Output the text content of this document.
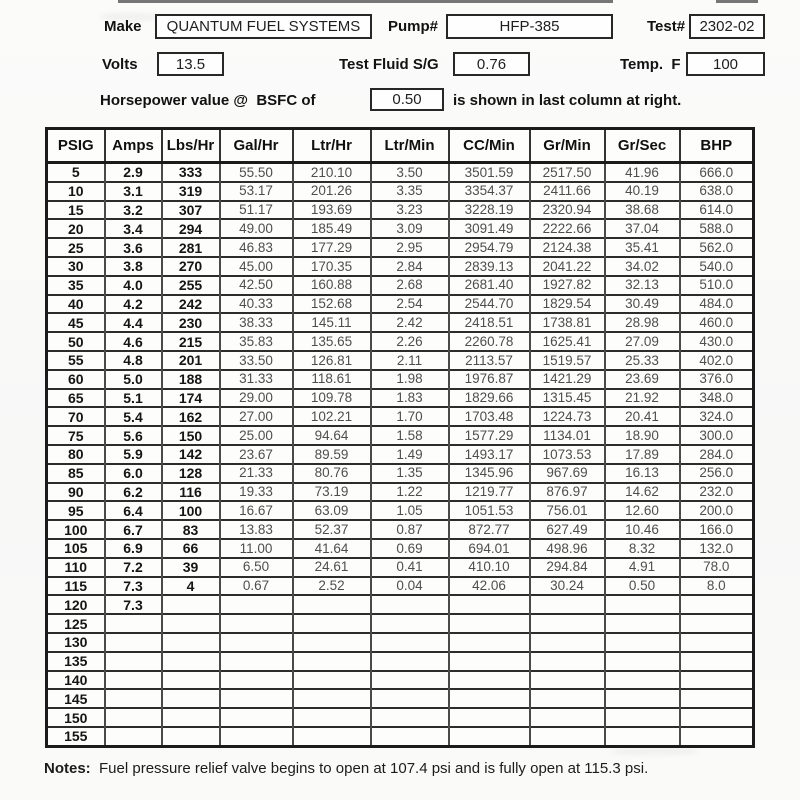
Make	QUANTUM FUEL SYSTEMS	Pump#	HFP-385	Test# 2302-02
Volts	13.5	Test Fluid S/G	0.76	Temp.  F	100
Horsepower value @  BSFC of	0.50	is shown in last column at right.
PSIG	Amps	Lbs/Hr	Gal/Hr	Ltr/Hr	Ltr/Min	CC/Min	Gr/Min	Gr/Sec	BHP
5	2.9	333	55.50	210.10	3.50	3501.59	2517.50	41.96	666.0
10	3.1	319	53.17	201.26	3.35	3354.37	2411.66	40.19	638.0
15	3.2	307	51.17	193.69	3.23	3228.19	2320.94	38.68	614.0
20	3.4	294	49.00	185.49	3.09	3091.49	2222.66	37.04	588.0
25	3.6	281	46.83	177.29	2.95	2954.79	2124.38	35.41	562.0
30	3.8	270	45.00	170.35	2.84	2839.13	2041.22	34.02	540.0
35	4.0	255	42.50	160.88	2.68	2681.40	1927.82	32.13	510.0
40	4.2	242	40.33	152.68	2.54	2544.70	1829.54	30.49	484.0
45	4.4	230	38.33	145.11	2.42	2418.51	1738.81	28.98	460.0
50	4.6	215	35.83	135.65	2.26	2260.78	1625.41	27.09	430.0
55	4.8	201	33.50	126.81	2.11	2113.57	1519.57	25.33	402.0
60	5.0	188	31.33	118.61	1.98	1976.87	1421.29	23.69	376.0
65	5.1	174	29.00	109.78	1.83	1829.66	1315.45	21.92	348.0
70	5.4	162	27.00	102.21	1.70	1703.48	1224.73	20.41	324.0
75	5.6	150	25.00	94.64	1.58	1577.29	1134.01	18.90	300.0
80	5.9	142	23.67	89.59	1.49	1493.17	1073.53	17.89	284.0
85	6.0	128	21.33	80.76	1.35	1345.96	967.69	16.13	256.0
90	6.2	116	19.33	73.19	1.22	1219.77	876.97	14.62	232.0
95	6.4	100	16.67	63.09	1.05	1051.53	756.01	12.60	200.0
100	6.7	83	13.83	52.37	0.87	872.77	627.49	10.46	166.0
105	6.9	66	11.00	41.64	0.69	694.01	498.96	8.32	132.0
110	7.2	39	6.50	24.61	0.41	410.10	294.84	4.91	78.0
115	7.3	4	0.67	2.52	0.04	42.06	30.24	0.50	8.0
120	7.3								
125									
130									
135									
140									
145									
150									
155									
Notes: Fuel pressure relief valve begins to open at 107.4 psi and is fully open at 115.3 psi.
